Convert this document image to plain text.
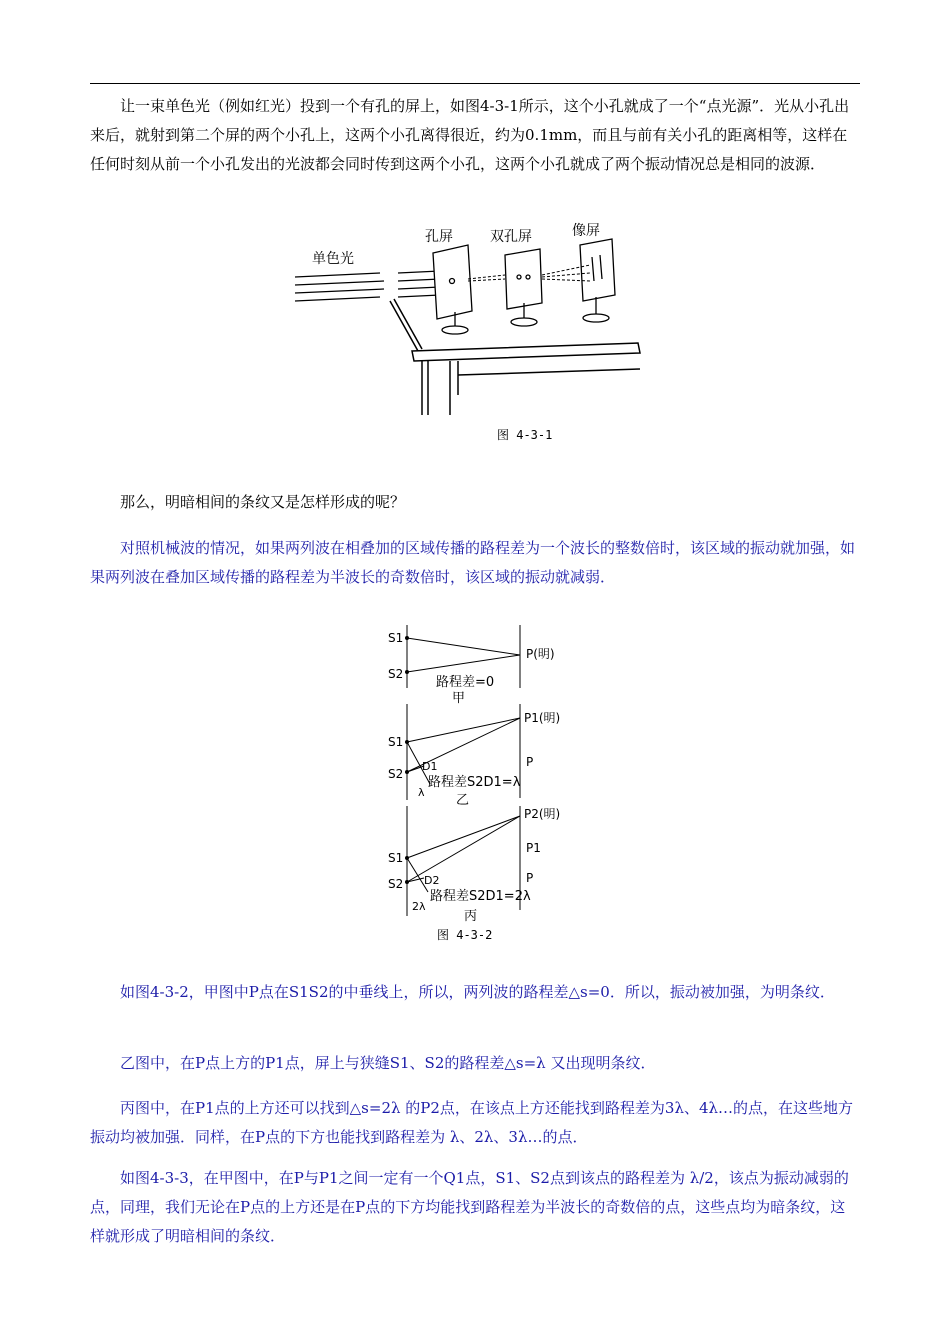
让一束单色光（例如红光）投到一个有孔的屏上，如图4-3-1所示，这个小孔就成了一个“点光源”．光从小孔出来后，就射到第二个屏的两个小孔上，这两个小孔离得很近，约为0.1mm，而且与前有关小孔的距离相等，这样在任何时刻从前一个小孔发出的光波都会同时传到这两个小孔，这两个小孔就成了两个振动情况总是相同的波源．

单色光
孔屏	双孔屏	像屏
图 4-3-1

那么，明暗相间的条纹又是怎样形成的呢？

对照机械波的情况，如果两列波在相叠加的区域传播的路程差为一个波长的整数倍时，该区域的振动就加强，如果两列波在叠加区域传播的路程差为半波长的奇数倍时，该区域的振动就减弱．

S1
S2
P(明)
路程差=0
甲
S1
S2
P1(明)
P
D1
λ
路程差S2D1=λ
乙
S1
S2
P2(明)
P1
P
D2
2λ
路程差S2D1=2λ
丙
图 4-3-2

如图4-3-2，甲图中P点在S1S2的中垂线上，所以，两列波的路程差△s=0．所以，振动被加强，为明条纹．

乙图中，在P点上方的P1点，屏上与狭缝S1、S2的路程差△s=λ 又出现明条纹．

丙图中，在P1点的上方还可以找到△s=2λ 的P2点，在该点上方还能找到路程差为3λ、4λ…的点，在这些地方振动均被加强．同样，在P点的下方也能找到路程差为 λ、2λ、3λ…的点．

如图4-3-3，在甲图中，在P与P1之间一定有一个Q1点，S1、S2点到该点的路程差为 λ/2，该点为振动减弱的点，同理，我们无论在P点的上方还是在P点的下方均能找到路程差为半波长的奇数倍的点，这些点均为暗条纹，这样就形成了明暗相间的条纹．
